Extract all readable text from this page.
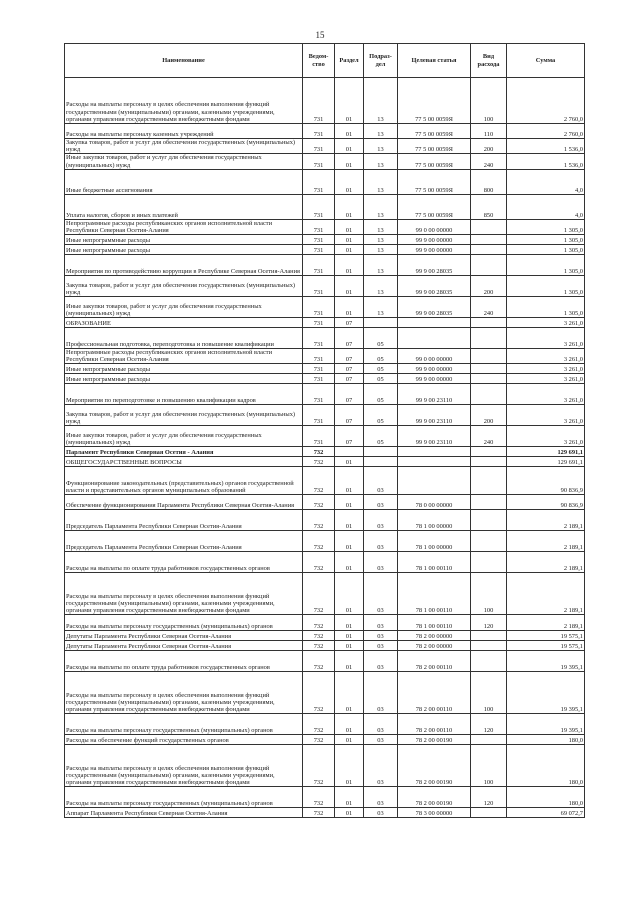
15
Наименование	Ведом-ство	Раздел	Подраз-дел	Целевая статья	Вид расхода	Сумма
Расходы на выплаты персоналу в целях обеспечения выполнения функций государственными (муниципальными) органами, казенными учреждениями, органами управления государственными внебюджетными фондами	731	01	13	77 5 00 0059Я	100	2 760,0
Расходы на выплаты персоналу казенных учреждений	731	01	13	77 5 00 0059Я	110	2 760,0
Закупка товаров, работ и услуг для обеспечения государственных (муниципальных) нужд	731	01	13	77 5 00 0059Я	200	1 536,0
Иные закупки товаров, работ и услуг для обеспечения государственных (муниципальных) нужд	731	01	13	77 5 00 0059Я	240	1 536,0
Иные бюджетные ассигнования	731	01	13	77 5 00 0059Я	800	4,0
Уплата налогов, сборов и иных платежей	731	01	13	77 5 00 0059Я	850	4,0
Непрограммные расходы республиканских органов исполнительной власти Республики Северная Осетия-Алания	731	01	13	99 0 00 00000		1 305,0
Иные непрограммные расходы	731	01	13	99 9 00 00000		1 305,0
Иные непрограммные расходы	731	01	13	99 9 00 00000		1 305,0
Мероприятия по противодействию коррупции в Республике Северная Осетия-Алания	731	01	13	99 9 00 28035		1 305,0
Закупка товаров, работ и услуг для обеспечения государственных (муниципальных) нужд	731	01	13	99 9 00 28035	200	1 305,0
Иные закупки товаров, работ и услуг для обеспечения государственных (муниципальных) нужд	731	01	13	99 9 00 28035	240	1 305,0
ОБРАЗОВАНИЕ	731	07				3 261,0
Профессиональная подготовка, переподготовка и повышение квалификации	731	07	05			3 261,0
Непрограммные расходы республиканских органов исполнительной власти Республики Северная Осетия-Алания	731	07	05	99 0 00 00000		3 261,0
Иные непрограммные расходы	731	07	05	99 9 00 00000		3 261,0
Иные непрограммные расходы	731	07	05	99 9 00 00000		3 261,0
Мероприятия по переподготовке и повышению квалификации кадров	731	07	05	99 9 00 23110		3 261,0
Закупка товаров, работ и услуг для обеспечения государственных (муниципальных) нужд	731	07	05	99 9 00 23110	200	3 261,0
Иные закупки товаров, работ и услуг для обеспечения государственных (муниципальных) нужд	731	07	05	99 9 00 23110	240	3 261,0
Парламент Республики Северная Осетия - Алания	732					129 691,1
ОБЩЕГОСУДАРСТВЕННЫЕ ВОПРОСЫ	732	01				129 691,1
Функционирование законодательных (представительных) органов государственной власти и представительных органов муниципальных образований	732	01	03			90 836,9
Обеспечение функционирования Парламента Республики Северная Осетия-Алания	732	01	03	78 0 00 00000		90 836,9
Председатель Парламента Республики Северная Осетия-Алания	732	01	03	78 1 00 00000		2 189,1
Председатель Парламента Республики Северная Осетия-Алания	732	01	03	78 1 00 00000		2 189,1
Расходы на выплаты по оплате труда работников государственных органов	732	01	03	78 1 00 00110		2 189,1
Расходы на выплаты персоналу в целях обеспечения выполнения функций государственными (муниципальными) органами, казенными учреждениями, органами управления государственными внебюджетными фондами	732	01	03	78 1 00 00110	100	2 189,1
Расходы на выплаты персоналу государственных (муниципальных) органов	732	01	03	78 1 00 00110	120	2 189,1
Депутаты Парламента Республики Северная Осетия-Алания	732	01	03	78 2 00 00000		19 575,1
Депутаты Парламента Республики Северная Осетия-Алания	732	01	03	78 2 00 00000		19 575,1
Расходы на выплаты по оплате труда работников государственных органов	732	01	03	78 2 00 00110		19 395,1
Расходы на выплаты персоналу в целях обеспечения выполнения функций государственными (муниципальными) органами, казенными учреждениями, органами управления государственными внебюджетными фондами	732	01	03	78 2 00 00110	100	19 395,1
Расходы на выплаты персоналу государственных (муниципальных) органов	732	01	03	78 2 00 00110	120	19 395,1
Расходы на обеспечение функций государственных органов	732	01	03	78 2 00 00190		180,0
Расходы на выплаты персоналу в целях обеспечения выполнения функций государственными (муниципальными) органами, казенными учреждениями, органами управления государственными внебюджетными фондами	732	01	03	78 2 00 00190	100	180,0
Расходы на выплаты персоналу государственных (муниципальных) органов	732	01	03	78 2 00 00190	120	180,0
Аппарат Парламента Республики Северная Осетия-Алания	732	01	03	78 3 00 00000		69 072,7
